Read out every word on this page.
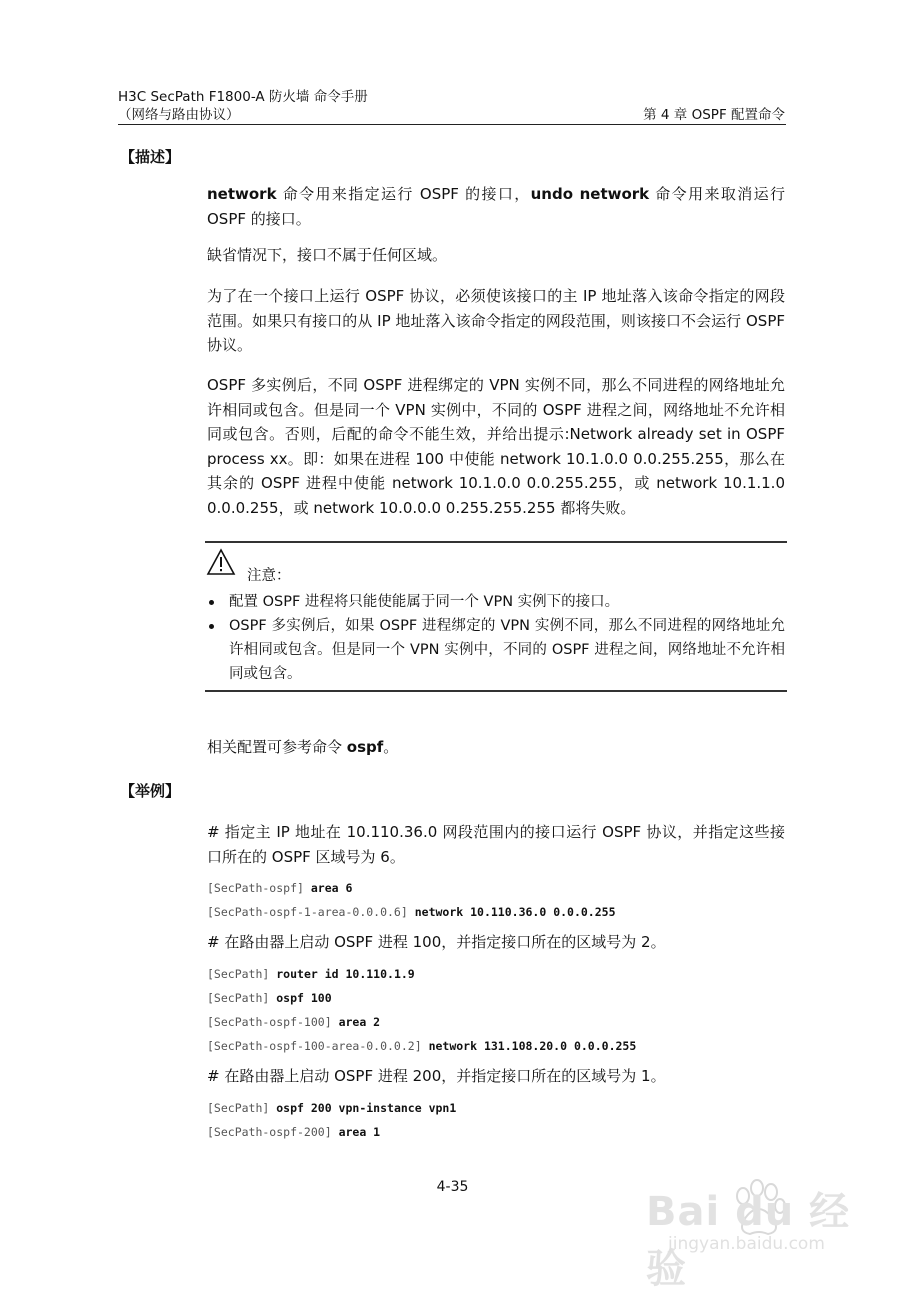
H3C SecPath F1800-A 防火墙 命令手册
（网络与路由协议）	第 4 章 OSPF 配置命令
【描述】
network 命令用来指定运行 OSPF 的接口，undo network 命令用来取消运行 OSPF 的接口。
缺省情况下，接口不属于任何区域。
为了在一个接口上运行 OSPF 协议，必须使该接口的主 IP 地址落入该命令指定的网段范围。如果只有接口的从 IP 地址落入该命令指定的网段范围，则该接口不会运行 OSPF 协议。
OSPF 多实例后，不同 OSPF 进程绑定的 VPN 实例不同，那么不同进程的网络地址允许相同或包含。但是同一个 VPN 实例中，不同的 OSPF 进程之间，网络地址不允许相同或包含。否则，后配的命令不能生效，并给出提示:Network already set in OSPF process xx。即：如果在进程 100 中使能 network 10.1.0.0 0.0.255.255，那么在其余的 OSPF 进程中使能 network 10.1.0.0 0.0.255.255，或 network 10.1.1.0 0.0.0.255，或 network 10.0.0.0 0.255.255.255 都将失败。
注意：
配置 OSPF 进程将只能使能属于同一个 VPN 实例下的接口。
OSPF 多实例后，如果 OSPF 进程绑定的 VPN 实例不同，那么不同进程的网络地址允许相同或包含。但是同一个 VPN 实例中，不同的 OSPF 进程之间，网络地址不允许相同或包含。
相关配置可参考命令 ospf。
【举例】
# 指定主 IP 地址在 10.110.36.0 网段范围内的接口运行 OSPF 协议，并指定这些接口所在的 OSPF 区域号为 6。
[SecPath-ospf] area 6
[SecPath-ospf-1-area-0.0.0.6] network 10.110.36.0 0.0.0.255
# 在路由器上启动 OSPF 进程 100，并指定接口所在的区域号为 2。
[SecPath] router id 10.110.1.9
[SecPath] ospf 100
[SecPath-ospf-100] area 2
[SecPath-ospf-100-area-0.0.0.2] network 131.108.20.0 0.0.0.255
# 在路由器上启动 OSPF 进程 200，并指定接口所在的区域号为 1。
[SecPath] ospf 200 vpn-instance vpn1
[SecPath-ospf-200] area 1
4-35
Bai du 经验
jingyan.baidu.com
